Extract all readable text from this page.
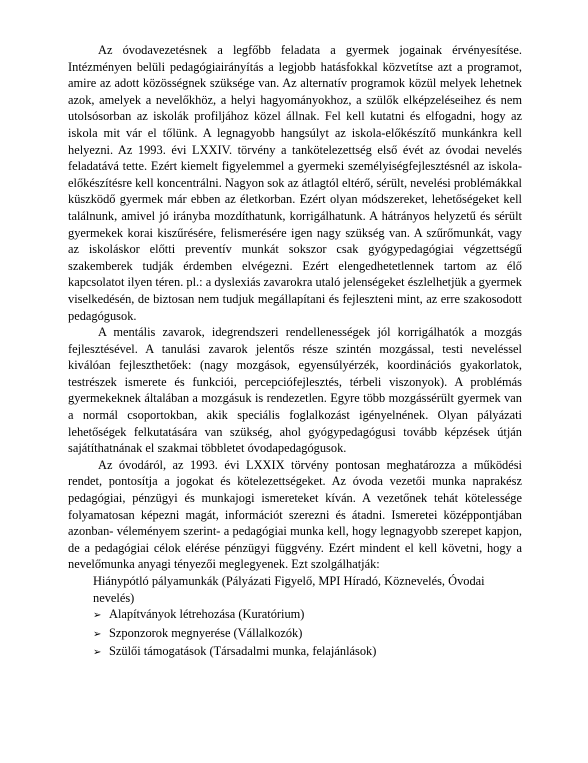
Az óvodavezetésnek a legfőbb feladata a gyermek jogainak érvényesítése. Intézményen belüli pedagógiairányítás a legjobb hatásfokkal közvetítse azt a programot, amire az adott közösségnek szüksége van. Az alternatív programok közül melyek lehetnek azok, amelyek a nevelőkhöz, a helyi hagyományokhoz, a szülők elképzeléseihez és nem utolsósorban az iskolák profiljához közel állnak. Fel kell kutatni és elfogadni, hogy az iskola mit vár el tőlünk. A legnagyobb hangsúlyt az iskola-előkészítő munkánkra kell helyezni. Az 1993. évi LXXIV. törvény a tankötelezettség első évét az óvodai nevelés feladatává tette. Ezért kiemelt figyelemmel a gyermeki személyiségfejlesztésnél az iskola-előkészítésre kell koncentrálni. Nagyon sok az átlagtól eltérő, sérült, nevelési problémákkal küszködő gyermek már ebben az életkorban. Ezért olyan módszereket, lehetőségeket kell találnunk, amivel jó irányba mozdíthatunk, korrigálhatunk. A hátrányos helyzetű és sérült gyermekek korai kiszűrésére, felismerésére igen nagy szükség van. A szűrőmunkát, vagy az iskoláskor előtti preventív munkát sokszor csak gyógypedagógiai végzettségű szakemberek tudják érdemben elvégezni. Ezért elengedhetetlennek tartom az élő kapcsolatot ilyen téren. pl.: a dyslexiás zavarokra utaló jelenségeket észlelhetjük a gyermek viselkedésén, de biztosan nem tudjuk megállapítani és fejleszteni mint, az erre szakosodott pedagógusok.

A mentális zavarok, idegrendszeri rendellenességek jól korrigálhatók a mozgás fejlesztésével. A tanulási zavarok jelentős része szintén mozgással, testi neveléssel kiválóan fejleszthetőek: (nagy mozgások, egyensúlyérzék, koordinációs gyakorlatok, testrészek ismerete és funkciói, percepciófejlesztés, térbeli viszonyok). A problémás gyermekeknek általában a mozgásuk is rendezetlen. Egyre több mozgássérült gyermek van a normál csoportokban, akik speciális foglalkozást igényelnének. Olyan pályázati lehetőségek felkutatására van szükség, ahol gyógypedagógusi tovább képzések útján sajátíthatnának el szakmai többletet óvodapedagógusok.

Az óvodáról, az 1993. évi LXXIX törvény pontosan meghatározza a működési rendet, pontosítja a jogokat és kötelezettségeket. Az óvoda vezetői munka naprakész pedagógiai, pénzügyi és munkajogi ismereteket kíván. A vezetőnek tehát kötelessége folyamatosan képezni magát, információt szerezni és átadni. Ismeretei középpontjában azonban- véleményem szerint- a pedagógiai munka kell, hogy legnagyobb szerepet kapjon, de a pedagógiai célok elérése pénzügyi függvény. Ezért mindent el kell követni, hogy a nevelőmunka anyagi tényezői meglegyenek. Ezt szolgálhatják:

Hiánypótló pályamunkák (Pályázati Figyelő, MPI Híradó, Köznevelés, Óvodai nevelés)

➢ Alapítványok létrehozása (Kuratórium)
➢ Szponzorok megnyerése (Vállalkozók)
➢ Szülői támogatások (Társadalmi munka, felajánlások)
